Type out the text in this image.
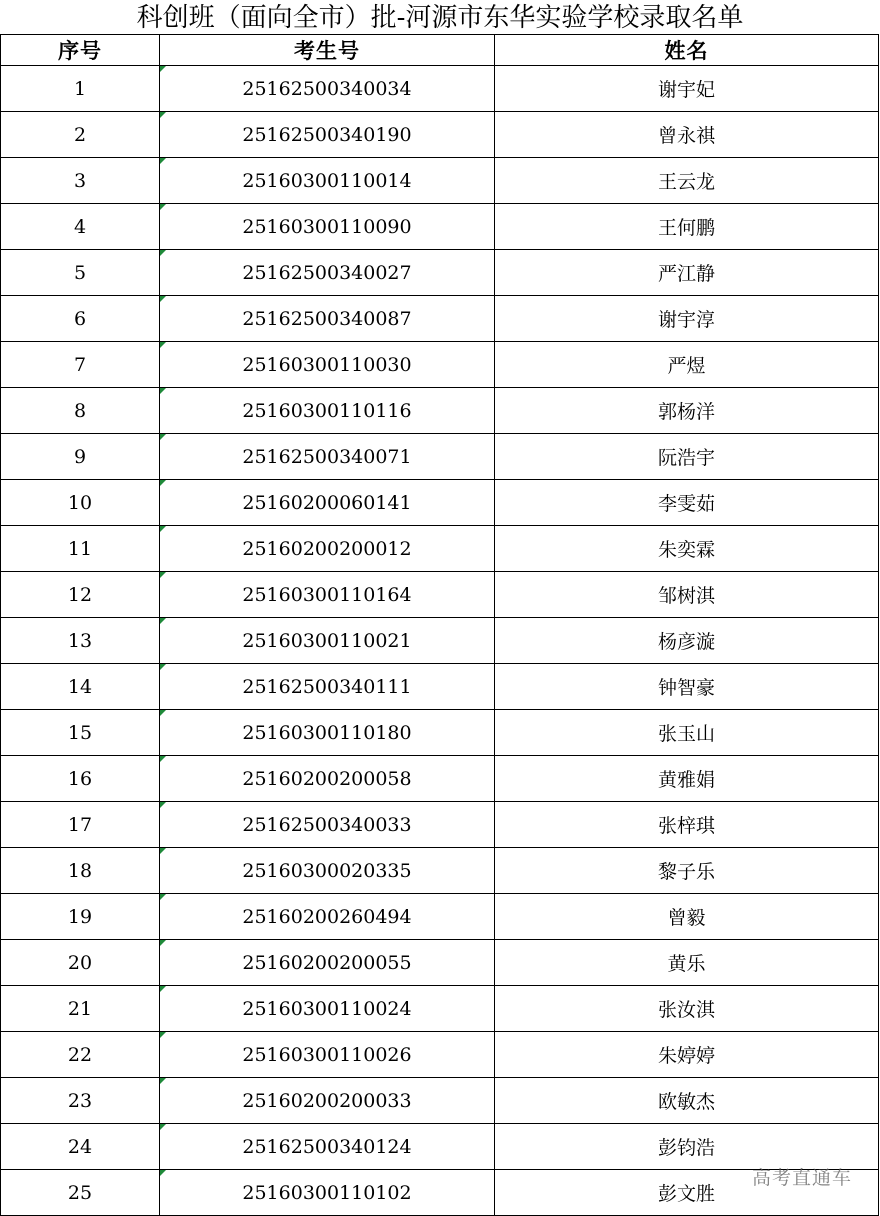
科创班（面向全市）批-河源市东华实验学校录取名单
序号	考生号	姓名
1	25162500340034	谢宇妃
2	25162500340190	曾永祺
3	25160300110014	王云龙
4	25160300110090	王何鹏
5	25162500340027	严江静
6	25162500340087	谢宇淳
7	25160300110030	严煜
8	25160300110116	郭杨洋
9	25162500340071	阮浩宇
10	25160200060141	李雯茹
11	25160200200012	朱奕霖
12	25160300110164	邹树淇
13	25160300110021	杨彦漩
14	25162500340111	钟智豪
15	25160300110180	张玉山
16	25160200200058	黄雅娟
17	25162500340033	张梓琪
18	25160300020335	黎子乐
19	25160200260494	曾毅
20	25160200200055	黄乐
21	25160300110024	张汝淇
22	25160300110026	朱婷婷
23	25160200200033	欧敏杰
24	25162500340124	彭钧浩
25	25160300110102	彭文胜
高考直通车
